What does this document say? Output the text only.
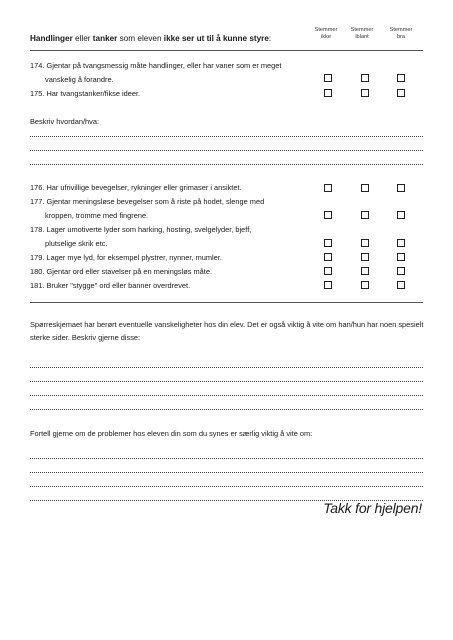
Handlinger eller tanker som eleven ikke ser ut til å kunne styre:
Stemmer
ikke
Stemmer
iblant
Stemmer
bra
174. Gjentar på tvangsmessig måte handlinger, eller har vaner som er meget
vanskelig å forandre.
175. Har tvangstanker/fikse ideer.
Beskriv hvordan/hva:
176. Har ufrivillige bevegelser, rykninger eller grimaser i ansiktet.
177. Gjentar meningsløse bevegelser som å riste på hodet, slenge med
kroppen, tromme med fingrene.
178. Lager umotiverte lyder som harking, hosting, svelgelyder, bjeff,
plutselige skrik etc.
179. Lager mye lyd, for eksempel plystrer, nynner, mumler.
180. Gjentar ord eller stavelser på en meningsløs måte.
181. Bruker "stygge" ord eller banner overdrevet.
Spørreskjemaet har berørt eventuelle vanskeligheter hos din elev. Det er også viktig å vite om han/hun har noen spesielt sterke sider. Beskriv gjerne disse:
Fortell gjerne om de problemer hos eleven din som du synes er særlig viktig å vite om:
Takk for hjelpen!
